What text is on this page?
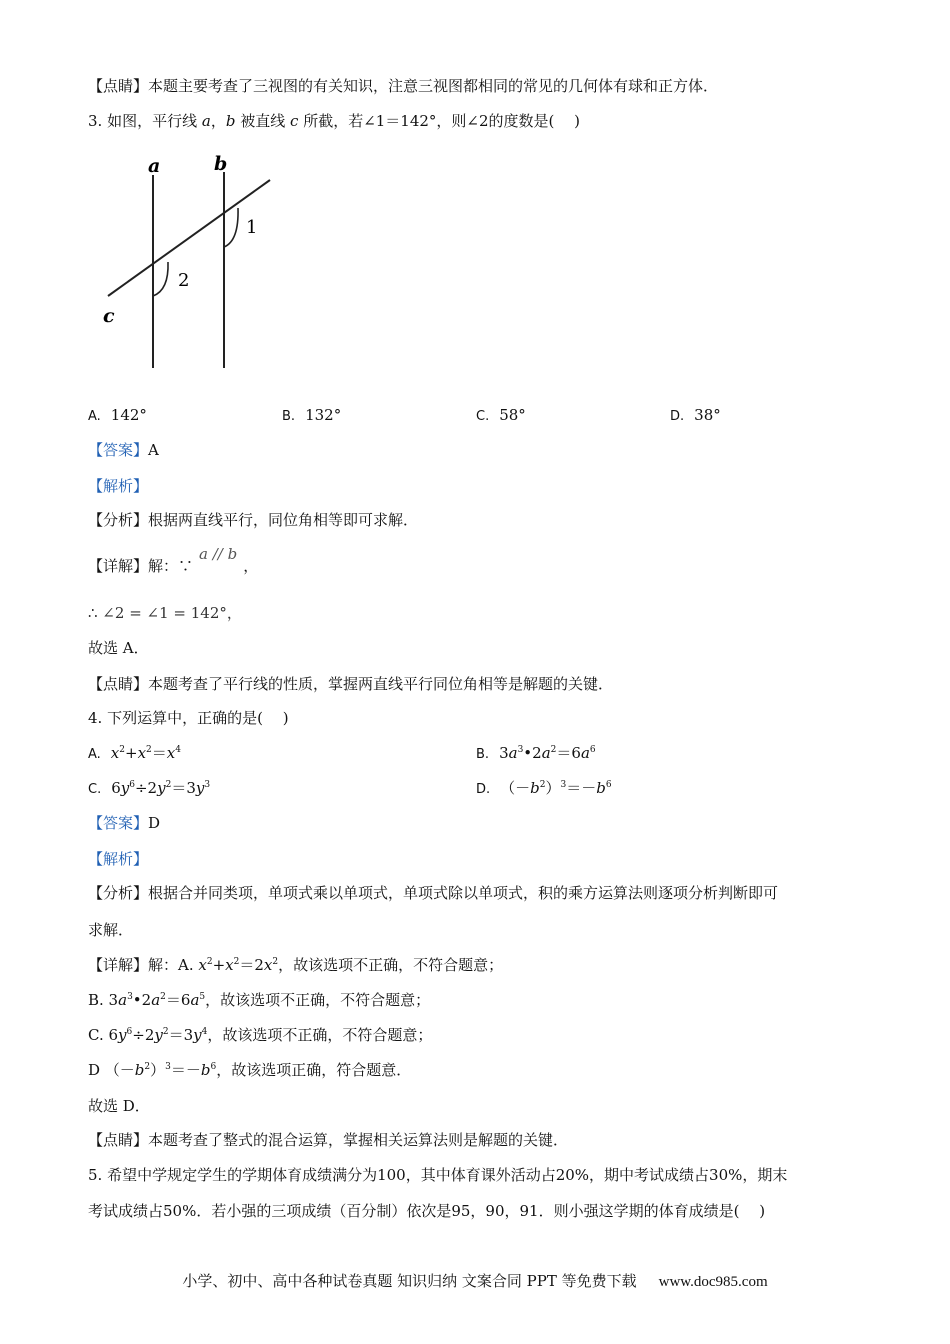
【点睛】本题主要考查了三视图的有关知识，注意三视图都相同的常见的几何体有球和正方体．
3. 如图，平行线 a，b 被直线 c 所截，若∠1＝142°，则∠2的度数是(　 )
a	b
c
1
2
A. 142°	B. 132°	C. 58°	D. 38°
【答案】A
【解析】
【分析】根据两直线平行，同位角相等即可求解．
【详解】解：∵a // b，
∴ ∠2 = ∠1 = 142°，
故选 A．
【点睛】本题考查了平行线的性质，掌握两直线平行同位角相等是解题的关键．
4. 下列运算中，正确的是(　 )
A. $x^2+x^2=x^4$	B. $3a^3•2a^2=6a^6$
C. $6y^6\div 2y^2=3y^3$	D. $(-b^2)^3=-b^6$
【答案】D
【解析】
【分析】根据合并同类项，单项式乘以单项式，单项式除以单项式，积的乘方运算法则逐项分析判断即可
求解．
【详解】解：A. $x^2+x^2=2x^2$，故该选项不正确，不符合题意；
B. $3a^3•2a^2=6a^5$，故该选项不正确，不符合题意；
C. $6y^6\div 2y^2=3y^4$，故该选项不正确，不符合题意；
D $(-b^2)^3=-b^6$，故该选项正确，符合题意．
故选 D．
【点睛】本题考查了整式的混合运算，掌握相关运算法则是解题的关键．
5. 希望中学规定学生的学期体育成绩满分为100，其中体育课外活动占20%，期中考试成绩占30%，期末
考试成绩占50%．若小强的三项成绩（百分制）依次是95，90，91．则小强这学期的体育成绩是(　 )
小学、初中、高中各种试卷真题 知识归纳 文案合同 PPT 等免费下载 www.doc985.com
